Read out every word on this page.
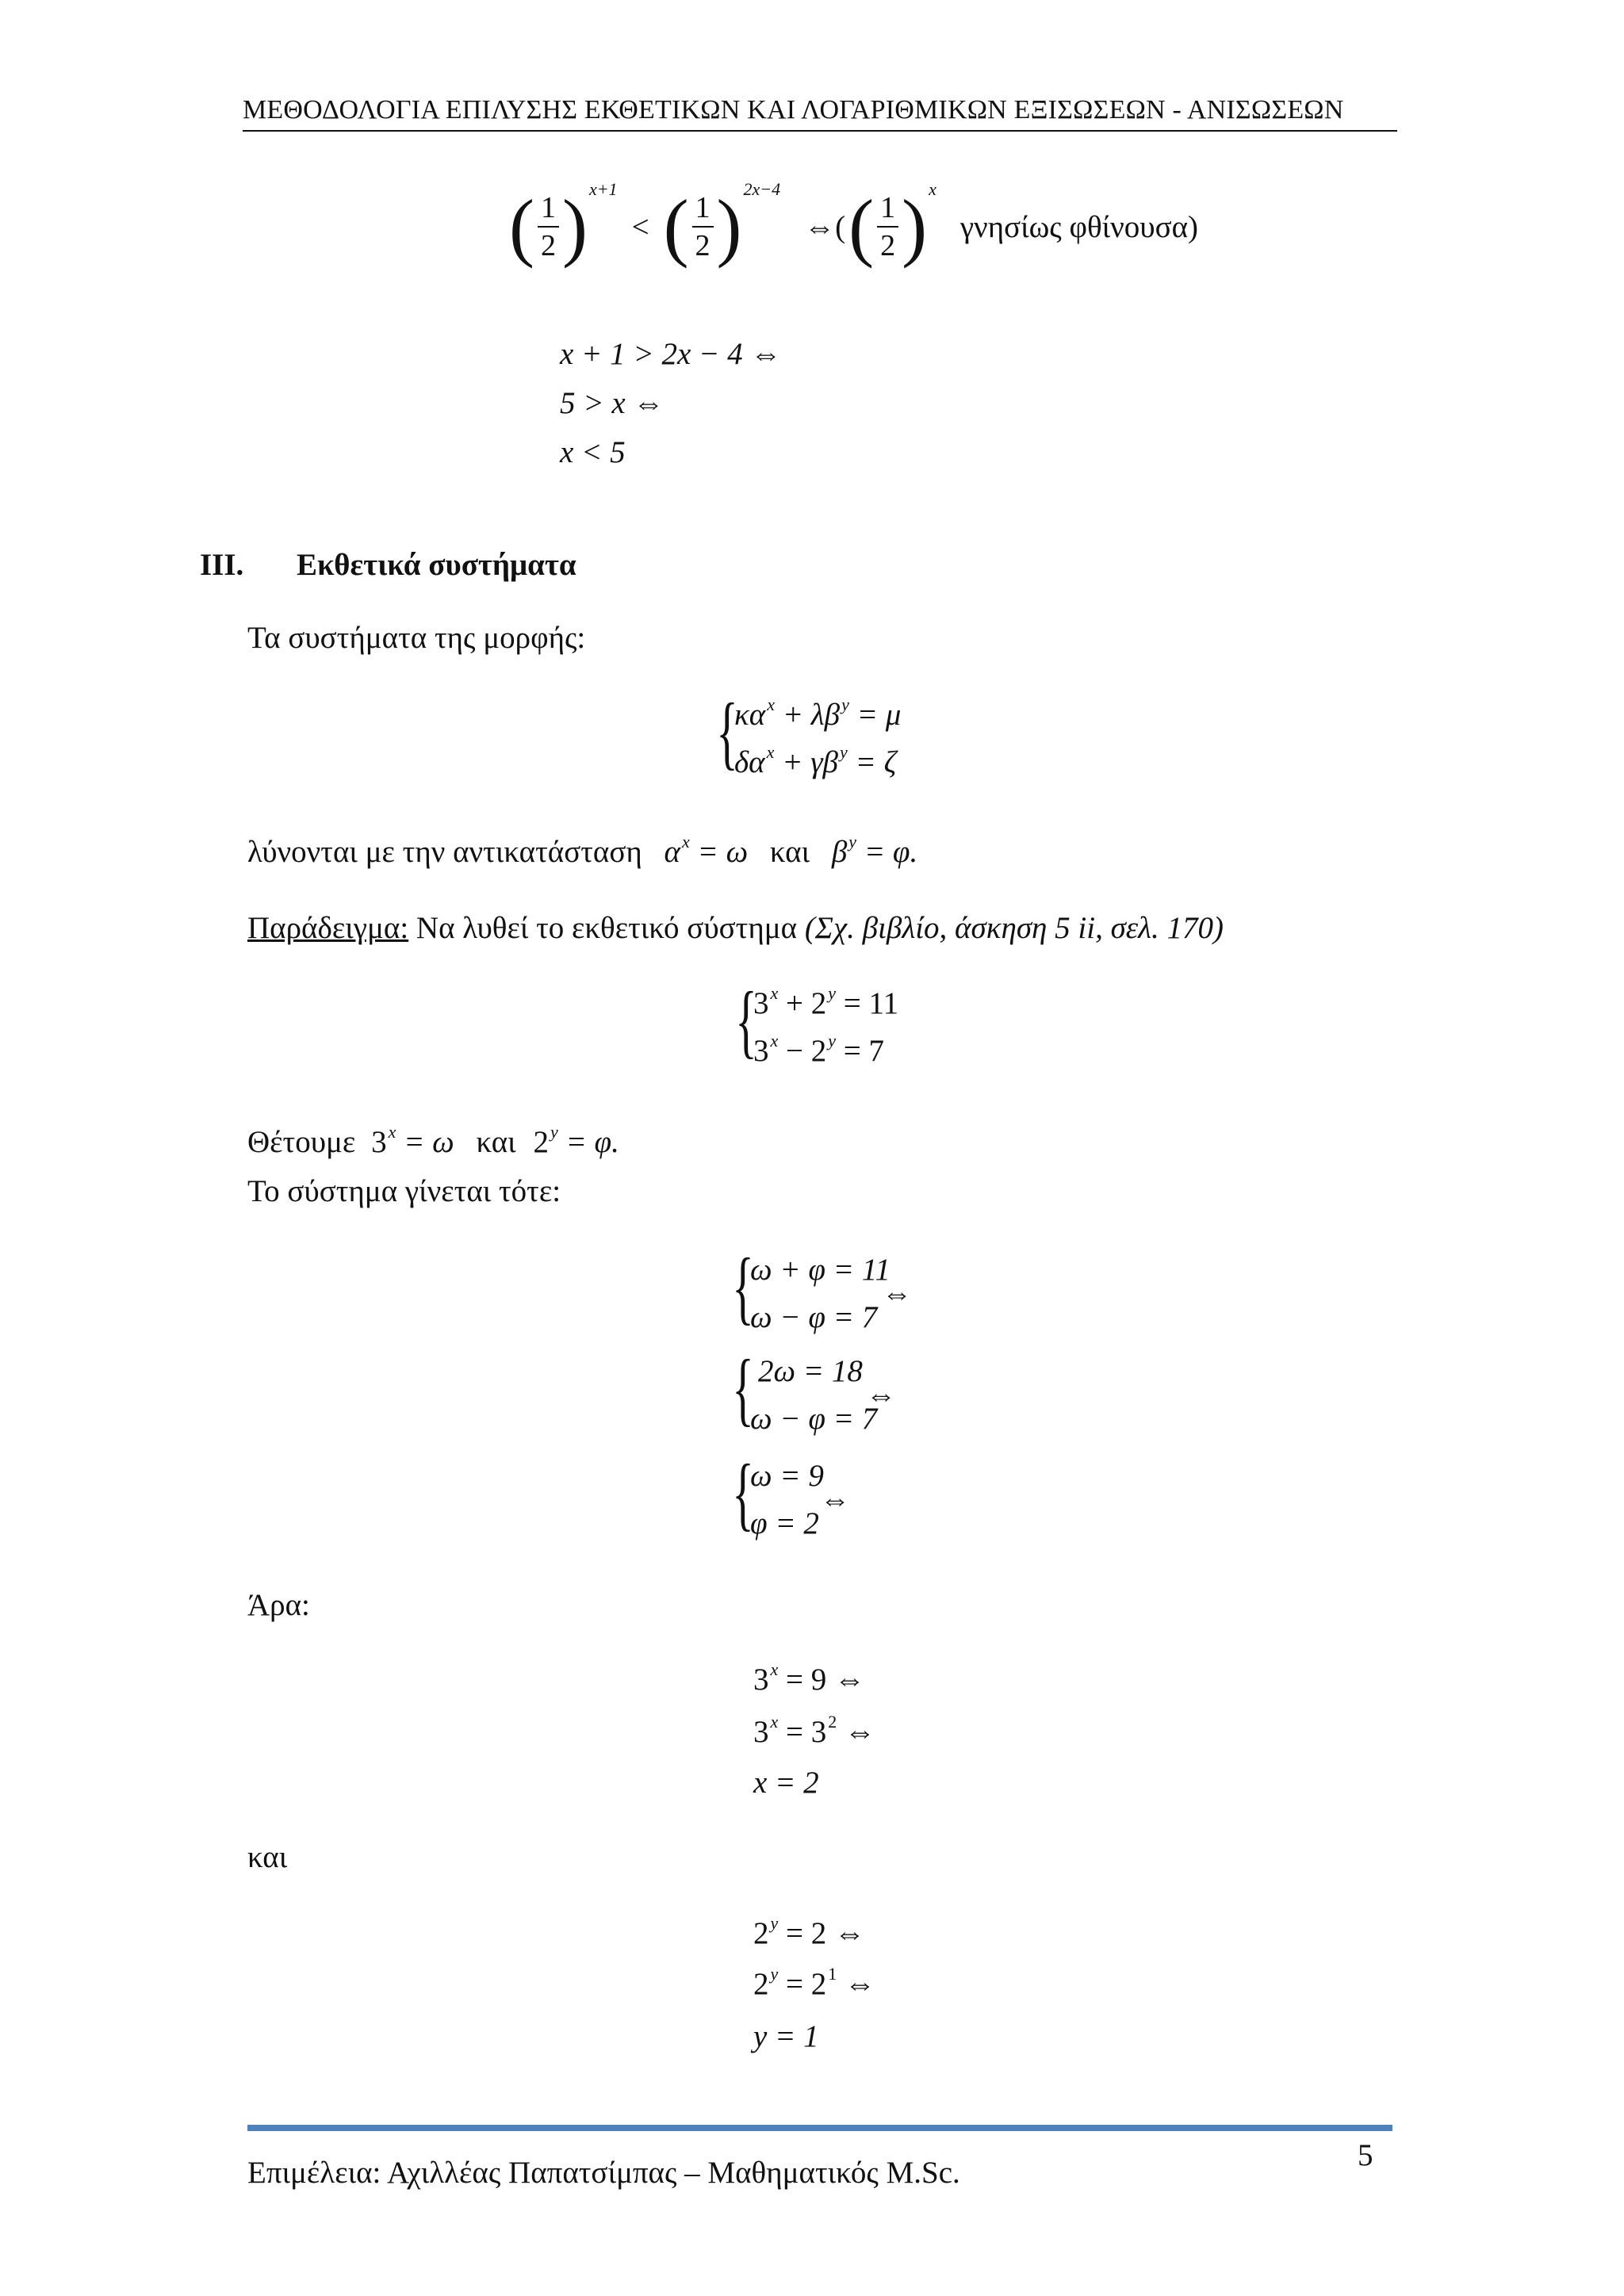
ΜΕΘΟΔΟΛΟΓΙΑ ΕΠΙΛΥΣΗΣ ΕΚΘΕΤΙΚΩΝ ΚΑΙ ΛΟΓΑΡΙΘΜΙΚΩΝ ΕΞΙΣΩΣΕΩΝ - ΑΝΙΣΩΣΕΩΝ
( $\frac{1}{2} )^{x+1}$ < ( $\frac{1}{2} )^{2x-4}$ ⇔( ( $\frac{1}{2} )^x$ γνησίως φθίνουσα)
x + 1 > 2x − 4 ⇔
5 > x ⇔
x < 5
III. Εκθετικά συστήματα
Τα συστήματα της μορφής:
{
$\kappa\alpha^x + \lambda\beta^y = \mu$
$\delta\alpha^x + \gamma\beta^y = \zeta$
λύνονται με την αντικατάσταση $\alpha^x = \omega$ και $\beta^y = \varphi$.
Παράδειγμα: Να λυθεί το εκθετικό σύστημα (Σχ. βιβλίο, άσκηση 5 ii, σελ. 170)
{
$3^x + 2^y = 11$
$3^x - 2^y = 7$
Θέτουμε $3^x = \omega$ και $2^y = \varphi$.
Το σύστημα γίνεται τότε:
{
ω + φ = 11
ω − φ = 7
⇔
{ 2ω = 18
ω − φ = 7
⇔
{
ω = 9
φ = 2
⇔
Άρα:
$3^x = 9$ ⇔
$3^x = 3^2$ ⇔
x = 2
και
$2^y = 2$ ⇔
$2^y = 2^1$ ⇔
y = 1
Επιμέλεια: Αχιλλέας Παπατσίμπας – Μαθηματικός M.Sc.
5
